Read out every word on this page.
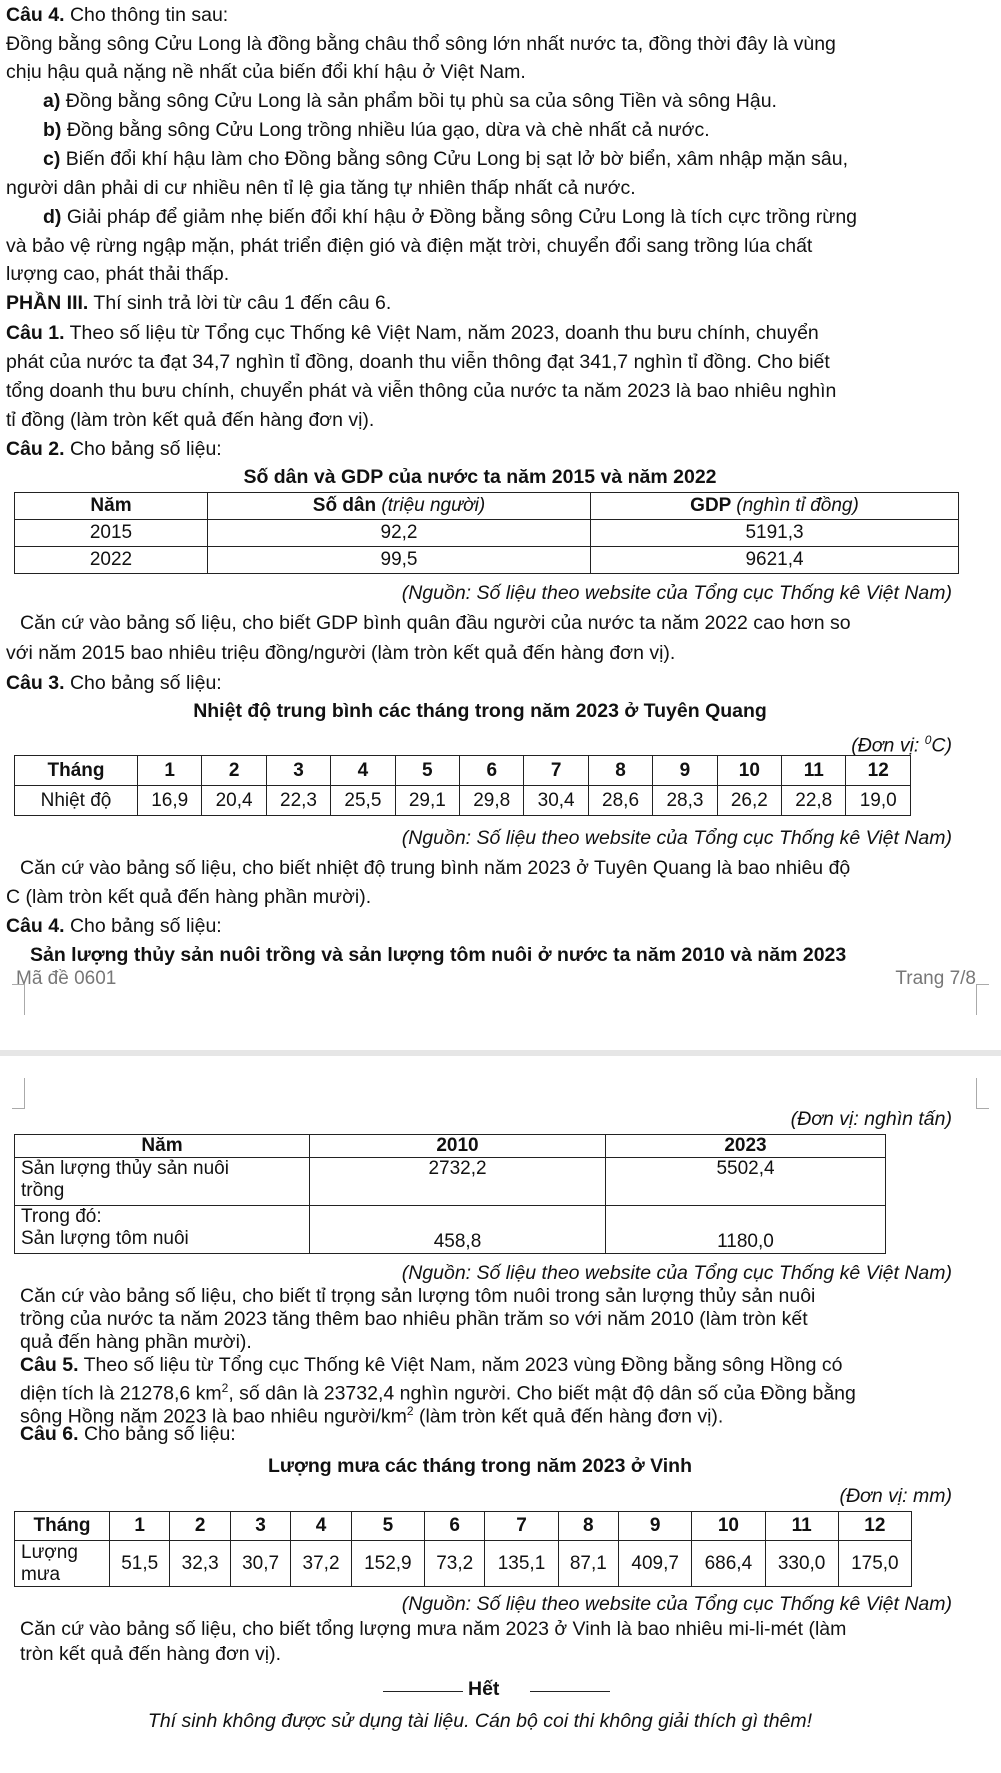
Câu 4. Cho thông tin sau:
Đồng bằng sông Cửu Long là đồng bằng châu thổ sông lớn nhất nước ta, đồng thời đây là vùng
chịu hậu quả nặng nề nhất của biến đổi khí hậu ở Việt Nam.
a) Đồng bằng sông Cửu Long là sản phẩm bồi tụ phù sa của sông Tiền và sông Hậu.
b) Đồng bằng sông Cửu Long trồng nhiều lúa gạo, dừa và chè nhất cả nước.
c) Biến đổi khí hậu làm cho Đồng bằng sông Cửu Long bị sạt lở bờ biển, xâm nhập mặn sâu,
người dân phải di cư nhiều nên tỉ lệ gia tăng tự nhiên thấp nhất cả nước.
d) Giải pháp để giảm nhẹ biến đổi khí hậu ở Đồng bằng sông Cửu Long là tích cực trồng rừng
và bảo vệ rừng ngập mặn, phát triển điện gió và điện mặt trời, chuyển đổi sang trồng lúa chất
lượng cao, phát thải thấp.
PHẦN III. Thí sinh trả lời từ câu 1 đến câu 6.
Câu 1. Theo số liệu từ Tổng cục Thống kê Việt Nam, năm 2023, doanh thu bưu chính, chuyển
phát của nước ta đạt 34,7 nghìn tỉ đồng, doanh thu viễn thông đạt 341,7 nghìn tỉ đồng. Cho biết
tổng doanh thu bưu chính, chuyển phát và viễn thông của nước ta năm 2023 là bao nhiêu nghìn
tỉ đồng (làm tròn kết quả đến hàng đơn vị).
Câu 2. Cho bảng số liệu:
Số dân và GDP của nước ta năm 2015 và năm 2022
Năm	Số dân (triệu người)	GDP (nghìn tỉ đồng)
2015	92,2	5191,3
2022	99,5	9621,4
(Nguồn: Số liệu theo website của Tổng cục Thống kê Việt Nam)
Căn cứ vào bảng số liệu, cho biết GDP bình quân đầu người của nước ta năm 2022 cao hơn so
với năm 2015 bao nhiêu triệu đồng/người (làm tròn kết quả đến hàng đơn vị).
Câu 3. Cho bảng số liệu:
Nhiệt độ trung bình các tháng trong năm 2023 ở Tuyên Quang
(Đơn vị: $^0$C)
Tháng	1	2	3	4	5	6	7	8	9	10	11	12
Nhiệt độ	16,9	20,4	22,3	25,5	29,1	29,8	30,4	28,6	28,3	26,2	22,8	19,0
(Nguồn: Số liệu theo website của Tổng cục Thống kê Việt Nam)
Căn cứ vào bảng số liệu, cho biết nhiệt độ trung bình năm 2023 ở Tuyên Quang là bao nhiêu độ
C (làm tròn kết quả đến hàng phần mười).
Câu 4. Cho bảng số liệu:
Sản lượng thủy sản nuôi trồng và sản lượng tôm nuôi ở nước ta năm 2010 và năm 2023
Mã đề 0601	Trang 7/8
(Đơn vị: nghìn tấn)
Năm	2010	2023

Sản lượng thủy sản nuôi
trồng	2732,2	5502,4

Trong đó:
Sản lượng tôm nuôi	458,8	1180,0
(Nguồn: Số liệu theo website của Tổng cục Thống kê Việt Nam)
Căn cứ vào bảng số liệu, cho biết tỉ trọng sản lượng tôm nuôi trong sản lượng thủy sản nuôi
trồng của nước ta năm 2023 tăng thêm bao nhiêu phần trăm so với năm 2010 (làm tròn kết
quả đến hàng phần mười).
Câu 5. Theo số liệu từ Tổng cục Thống kê Việt Nam, năm 2023 vùng Đồng bằng sông Hồng có
diện tích là 21278,6 $km^2$, số dân là 23732,4 nghìn người. Cho biết mật độ dân số của Đồng bằng
sông Hồng năm 2023 là bao nhiêu người/$km^2$ (làm tròn kết quả đến hàng đơn vị).
Câu 6. Cho bảng số liệu:
Lượng mưa các tháng trong năm 2023 ở Vinh
(Đơn vị: mm)
Tháng	1	2	3	4	5	6	7	8	9	10	11	12

Lượng
mưa	51,5	32,3	30,7	37,2	152,9	73,2	135,1	87,1	409,7	686,4	330,0	175,0
(Nguồn: Số liệu theo website của Tổng cục Thống kê Việt Nam)
Căn cứ vào bảng số liệu, cho biết tổng lượng mưa năm 2023 ở Vinh là bao nhiêu mi-li-mét (làm
tròn kết quả đến hàng đơn vị).
Hết
Thí sinh không được sử dụng tài liệu. Cán bộ coi thi không giải thích gì thêm!
